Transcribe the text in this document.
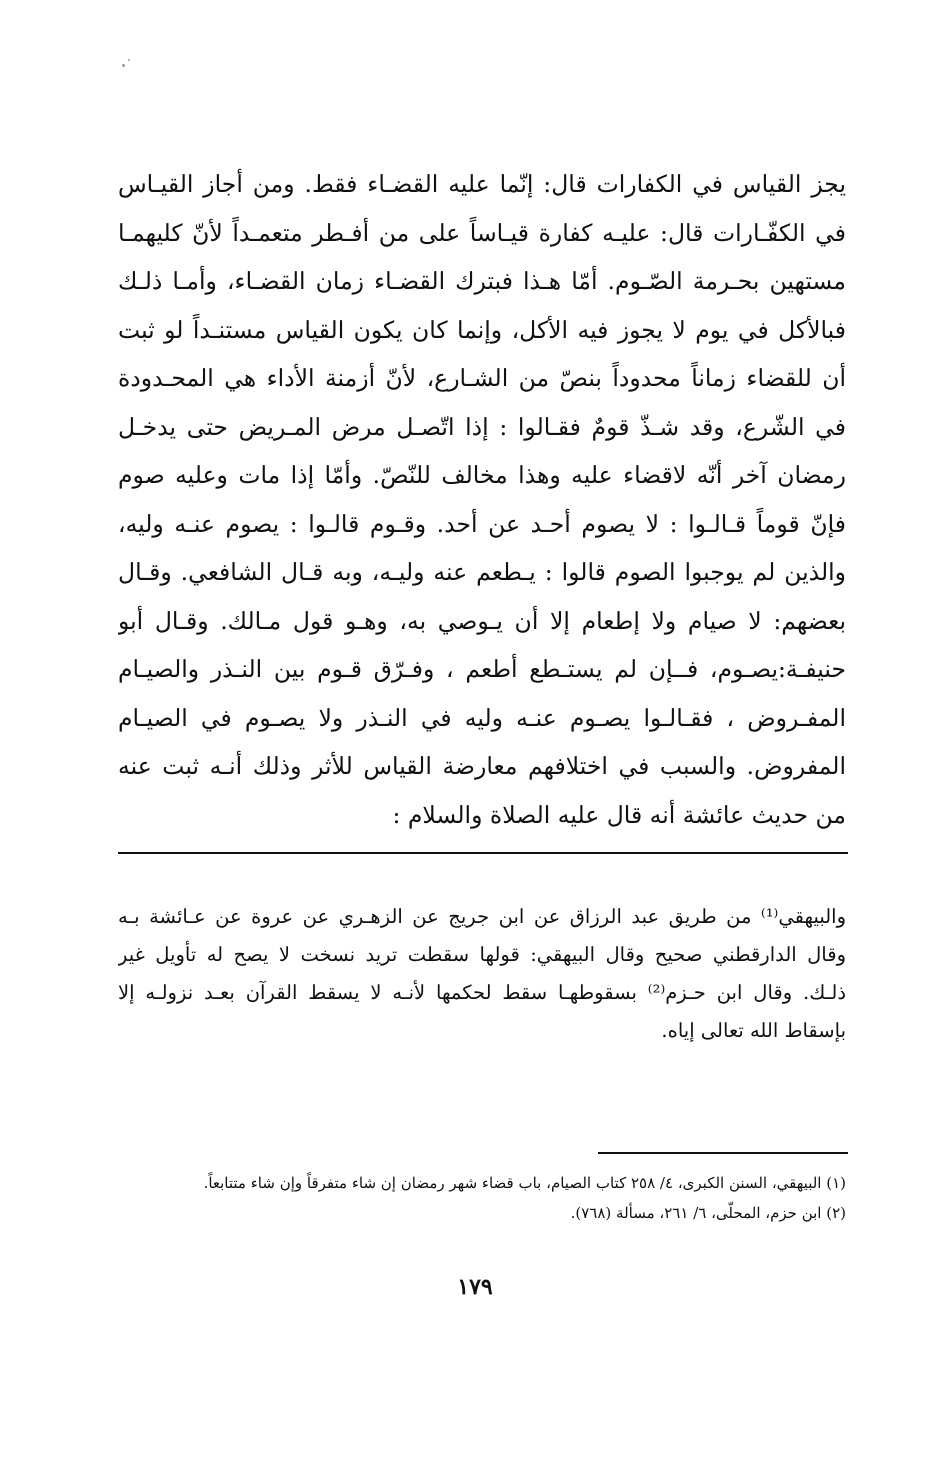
يجز القياس في الكفارات قال: إنّما عليه القضـاء فقط. ومن أجاز القيـاس
في الكفّـارات قال: عليـه كفارة قيـاساً على من أفـطر متعمـداً لأنّ كليهمـا
مستهين بحـرمة الصّـوم. أمّا هـذا فبترك القضـاء زمان القضـاء، وأمـا ذلـك
فبالأكل في يوم لا يجوز فيه الأكل، وإنما كان يكون القياس مستنـداً لو ثبت
أن للقضاء زماناً محدوداً بنصّ من الشـارع، لأنّ أزمنة الأداء هي المحـدودة
في الشّرع، وقد شـذّ قومٌ فقـالوا : إذا اتّصـل مرض المـريض حتى يدخـل
رمضان آخر أنّه لاقضاء عليه وهذا مخالف للنّصّ. وأمّا إذا مات وعليه صوم
فإنّ قوماً قـالـوا : لا يصوم أحـد عن أحد. وقـوم قالـوا : يصوم عنـه وليه،
والذين لم يوجبوا الصوم قالوا : يـطعم عنه وليـه، وبه قـال الشافعي. وقـال
بعضهم: لا صيام ولا إطعام إلا أن يـوصي به، وهـو قول مـالك. وقـال أبو
حنيفـة:يصـوم، فــإن لم يستـطع أطعم ، وفـرّق قـوم بين النـذر والصيـام
المفـروض ، فقـالـوا يصـوم عنـه وليه في النـذر ولا يصـوم في الصيـام
المفروض. والسبب في اختلافهم معارضة القياس للأثر وذلك أنـه ثبت عنه
من حديث عائشة أنه قال عليه الصلاة والسلام :
والبيهقي⁽¹⁾ من طريق عبد الرزاق عن ابن جريج عن الزهـري عن عروة عن عـائشة بـه
وقال الدارقطني صحيح وقال البيهقي: قولها سقطت تريد نسخت لا يصح له تأويل غير
ذلـك. وقال ابن حـزم⁽²⁾ بسقوطهـا سقط لحكمها لأنـه لا يسقط القرآن بعـد نزولـه إلا
بإسقاط الله تعالى إياه.
(١) البيهقي، السنن الكبرى، ٤/ ٢٥٨ كتاب الصيام، باب قضاء شهر رمضان إن شاء متفرقاً وإن شاء متتابعاً.
(٢) ابن حزم، المحلّى، ٦/ ٢٦١، مسألة (٧٦٨).
١٧٩
